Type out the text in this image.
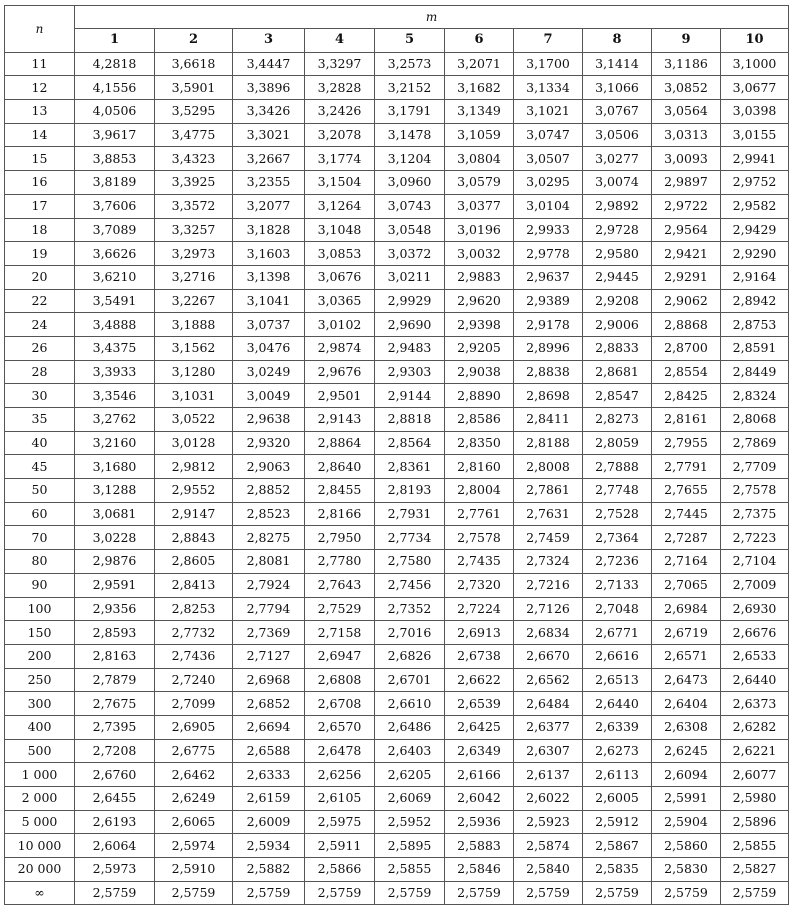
n	m									
	1	2	3	4	5	6	7	8	9	10
11	4,2818	3,6618	3,4447	3,3297	3,2573	3,2071	3,1700	3,1414	3,1186	3,1000
12	4,1556	3,5901	3,3896	3,2828	3,2152	3,1682	3,1334	3,1066	3,0852	3,0677
13	4,0506	3,5295	3,3426	3,2426	3,1791	3,1349	3,1021	3,0767	3,0564	3,0398
14	3,9617	3,4775	3,3021	3,2078	3,1478	3,1059	3,0747	3,0506	3,0313	3,0155
15	3,8853	3,4323	3,2667	3,1774	3,1204	3,0804	3,0507	3,0277	3,0093	2,9941
16	3,8189	3,3925	3,2355	3,1504	3,0960	3,0579	3,0295	3,0074	2,9897	2,9752
17	3,7606	3,3572	3,2077	3,1264	3,0743	3,0377	3,0104	2,9892	2,9722	2,9582
18	3,7089	3,3257	3,1828	3,1048	3,0548	3,0196	2,9933	2,9728	2,9564	2,9429
19	3,6626	3,2973	3,1603	3,0853	3,0372	3,0032	2,9778	2,9580	2,9421	2,9290
20	3,6210	3,2716	3,1398	3,0676	3,0211	2,9883	2,9637	2,9445	2,9291	2,9164
22	3,5491	3,2267	3,1041	3,0365	2,9929	2,9620	2,9389	2,9208	2,9062	2,8942
24	3,4888	3,1888	3,0737	3,0102	2,9690	2,9398	2,9178	2,9006	2,8868	2,8753
26	3,4375	3,1562	3,0476	2,9874	2,9483	2,9205	2,8996	2,8833	2,8700	2,8591
28	3,3933	3,1280	3,0249	2,9676	2,9303	2,9038	2,8838	2,8681	2,8554	2,8449
30	3,3546	3,1031	3,0049	2,9501	2,9144	2,8890	2,8698	2,8547	2,8425	2,8324
35	3,2762	3,0522	2,9638	2,9143	2,8818	2,8586	2,8411	2,8273	2,8161	2,8068
40	3,2160	3,0128	2,9320	2,8864	2,8564	2,8350	2,8188	2,8059	2,7955	2,7869
45	3,1680	2,9812	2,9063	2,8640	2,8361	2,8160	2,8008	2,7888	2,7791	2,7709
50	3,1288	2,9552	2,8852	2,8455	2,8193	2,8004	2,7861	2,7748	2,7655	2,7578
60	3,0681	2,9147	2,8523	2,8166	2,7931	2,7761	2,7631	2,7528	2,7445	2,7375
70	3,0228	2,8843	2,8275	2,7950	2,7734	2,7578	2,7459	2,7364	2,7287	2,7223
80	2,9876	2,8605	2,8081	2,7780	2,7580	2,7435	2,7324	2,7236	2,7164	2,7104
90	2,9591	2,8413	2,7924	2,7643	2,7456	2,7320	2,7216	2,7133	2,7065	2,7009
100	2,9356	2,8253	2,7794	2,7529	2,7352	2,7224	2,7126	2,7048	2,6984	2,6930
150	2,8593	2,7732	2,7369	2,7158	2,7016	2,6913	2,6834	2,6771	2,6719	2,6676
200	2,8163	2,7436	2,7127	2,6947	2,6826	2,6738	2,6670	2,6616	2,6571	2,6533
250	2,7879	2,7240	2,6968	2,6808	2,6701	2,6622	2,6562	2,6513	2,6473	2,6440
300	2,7675	2,7099	2,6852	2,6708	2,6610	2,6539	2,6484	2,6440	2,6404	2,6373
400	2,7395	2,6905	2,6694	2,6570	2,6486	2,6425	2,6377	2,6339	2,6308	2,6282
500	2,7208	2,6775	2,6588	2,6478	2,6403	2,6349	2,6307	2,6273	2,6245	2,6221
1 000	2,6760	2,6462	2,6333	2,6256	2,6205	2,6166	2,6137	2,6113	2,6094	2,6077
2 000	2,6455	2,6249	2,6159	2,6105	2,6069	2,6042	2,6022	2,6005	2,5991	2,5980
5 000	2,6193	2,6065	2,6009	2,5975	2,5952	2,5936	2,5923	2,5912	2,5904	2,5896
10 000	2,6064	2,5974	2,5934	2,5911	2,5895	2,5883	2,5874	2,5867	2,5860	2,5855
20 000	2,5973	2,5910	2,5882	2,5866	2,5855	2,5846	2,5840	2,5835	2,5830	2,5827
∞	2,5759	2,5759	2,5759	2,5759	2,5759	2,5759	2,5759	2,5759	2,5759	2,5759
